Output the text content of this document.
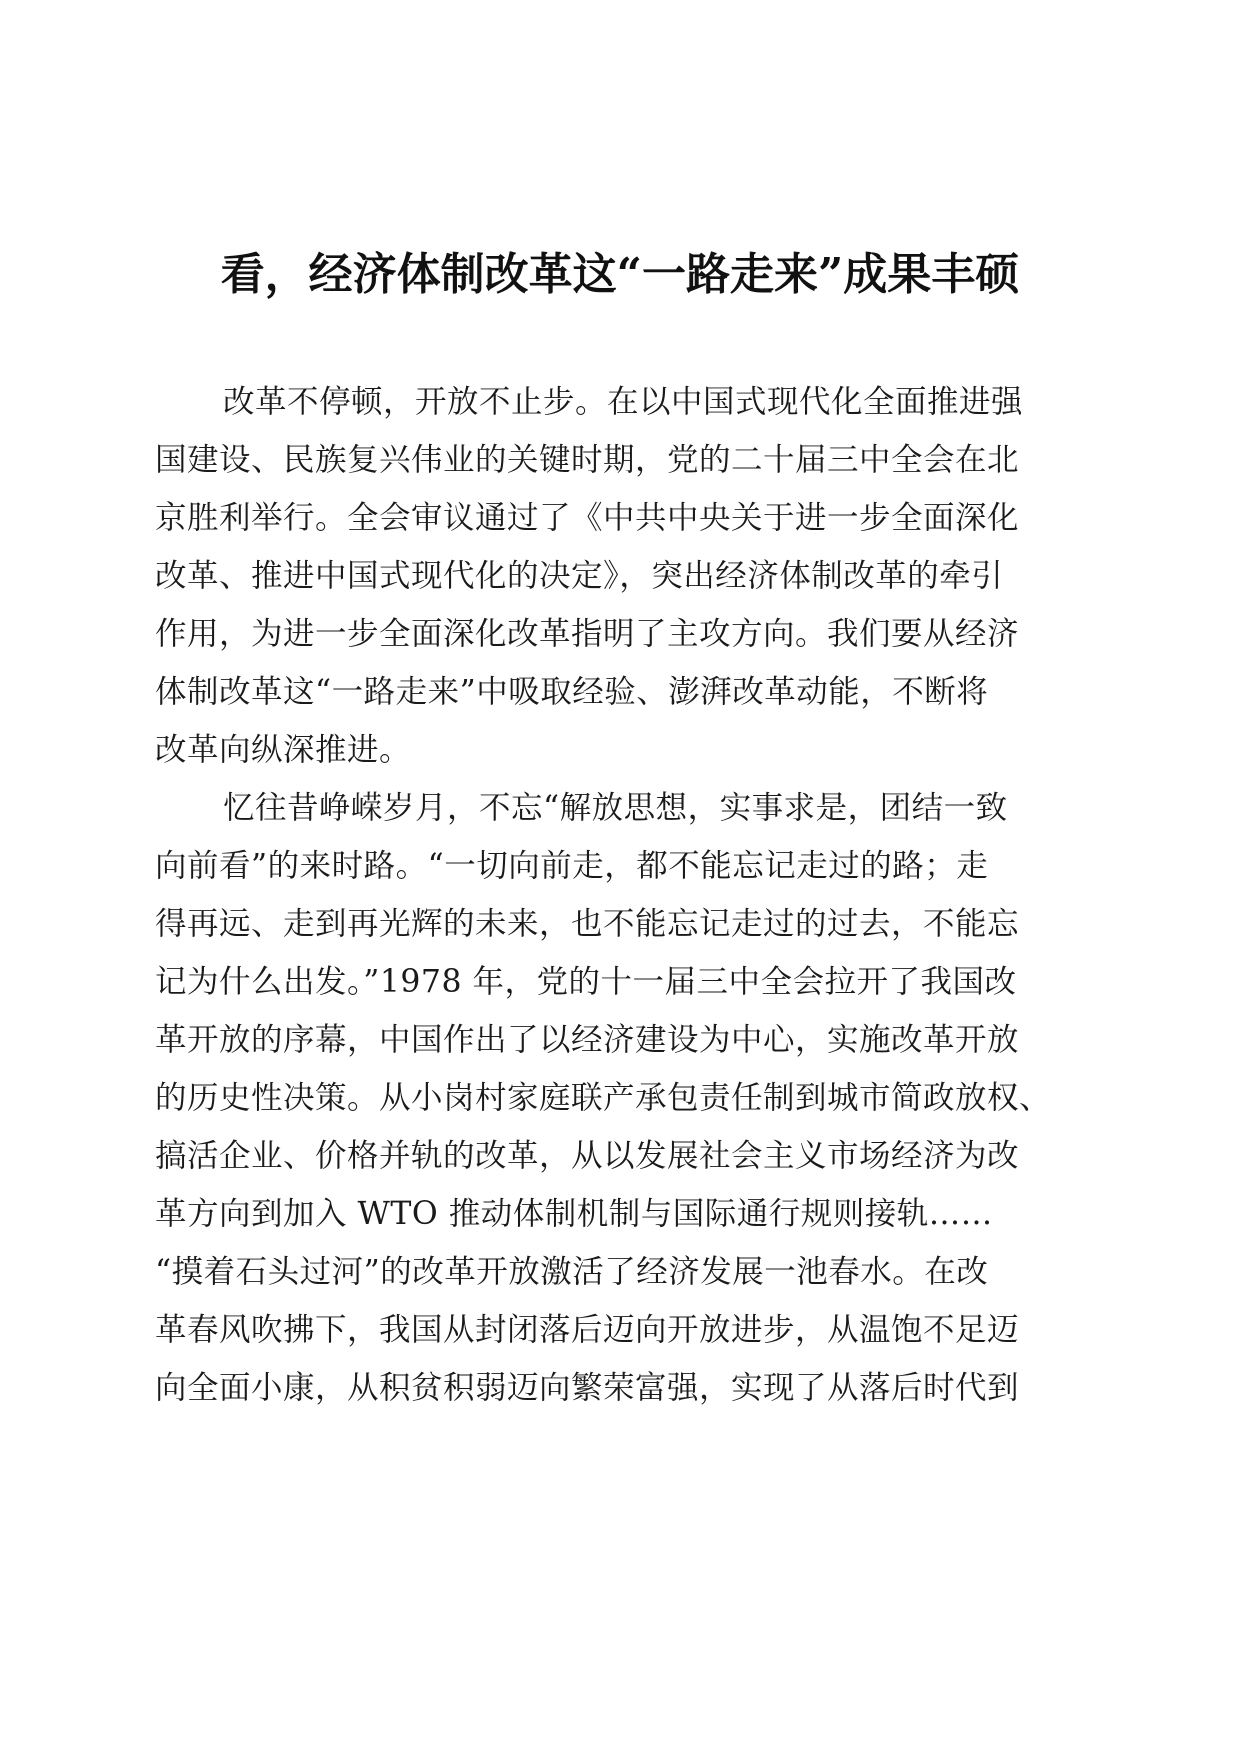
看，经济体制改革这“一路走来”成果丰硕
改革不停顿，开放不止步。在以中国式现代化全面推进强
国建设、民族复兴伟业的关键时期，党的二十届三中全会在北
京胜利举行。全会审议通过了《中共中央关于进一步全面深化
改革、推进中国式现代化的决定》，突出经济体制改革的牵引
作用，为进一步全面深化改革指明了主攻方向。我们要从经济
体制改革这“一路走来”中吸取经验、澎湃改革动能，不断将
改革向纵深推进。
忆往昔峥嵘岁月，不忘“解放思想，实事求是，团结一致
向前看”的来时路。“一切向前走，都不能忘记走过的路；走
得再远、走到再光辉的未来，也不能忘记走过的过去，不能忘
记为什么出发。”1978 年，党的十一届三中全会拉开了我国改
革开放的序幕，中国作出了以经济建设为中心，实施改革开放
的历史性决策。从小岗村家庭联产承包责任制到城市简政放权、
搞活企业、价格并轨的改革，从以发展社会主义市场经济为改
革方向到加入 WTO 推动体制机制与国际通行规则接轨……
“摸着石头过河”的改革开放激活了经济发展一池春水。在改
革春风吹拂下，我国从封闭落后迈向开放进步，从温饱不足迈
向全面小康，从积贫积弱迈向繁荣富强，实现了从落后时代到
